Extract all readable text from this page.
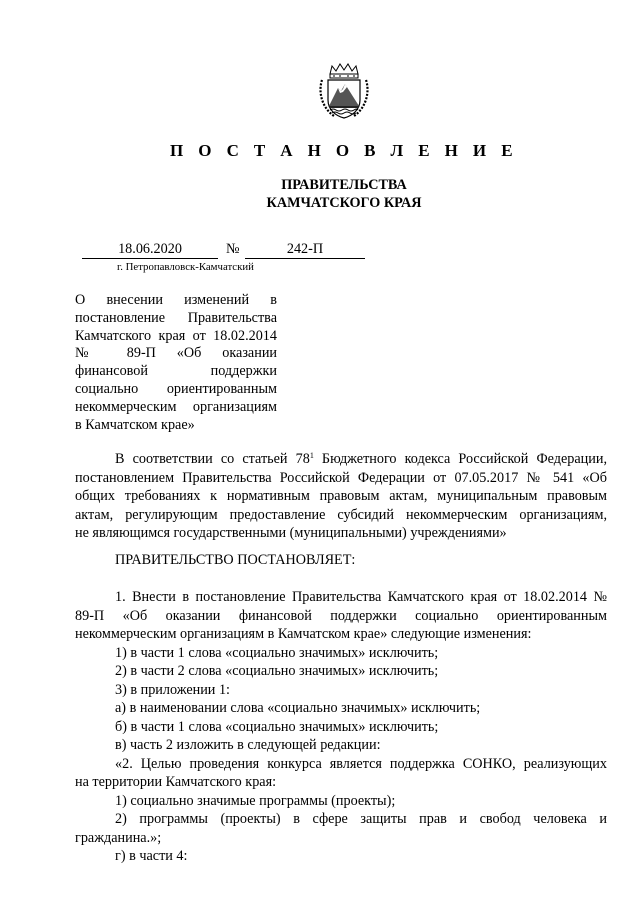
П О С Т А Н О В Л Е Н И Е
ПРАВИТЕЛЬСТВА
КАМЧАТСКОГО КРАЯ
18.06.2020	№	242-П
г. Петропавловск-Камчатский
О внесении изменений в
постановление Правительства
Камчатского края от 18.02.2014
№ 89-П «Об оказании
финансовой поддержки
социально ориентированным
некоммерческим организациям
в Камчатском крае»
В соответствии со статьей $78^1$ Бюджетного кодекса Российской Федерации,
постановлением Правительства Российской Федерации от 07.05.2017 № 541 «Об
общих требованиях к нормативным правовым актам, муниципальным правовым
актам, регулирующим предоставление субсидий некоммерческим организациям,
не являющимся государственными (муниципальными) учреждениями»
ПРАВИТЕЛЬСТВО ПОСТАНОВЛЯЕТ:
1. Внести в постановление Правительства Камчатского края от 18.02.2014 №
89-П «Об оказании финансовой поддержки социально ориентированным
некоммерческим организациям в Камчатском крае» следующие изменения:
1) в части 1 слова «социально значимых» исключить;
2) в части 2 слова «социально значимых» исключить;
3) в приложении 1:
а) в наименовании слова «социально значимых» исключить;
б) в части 1 слова «социально значимых» исключить;
в) часть 2 изложить в следующей редакции:
«2. Целью проведения конкурса является поддержка СОНКО, реализующих
на территории Камчатского края:
1) социально значимые программы (проекты);
2) программы (проекты) в сфере защиты прав и свобод человека и
гражданина.»;
г) в части 4:
